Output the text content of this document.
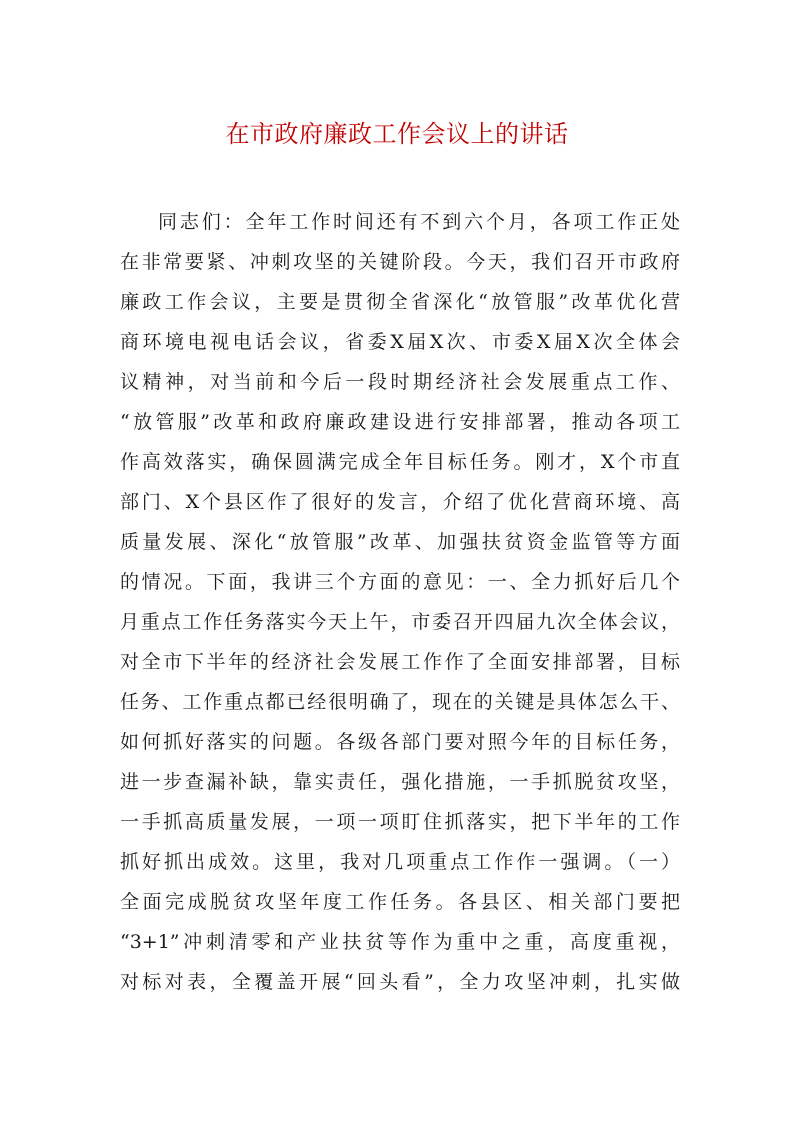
在市政府廉政工作会议上的讲话
同志们：全年工作时间还有不到六个月，各项工作正处
在非常要紧、冲刺攻坚的关键阶段。今天，我们召开市政府
廉政工作会议，主要是贯彻全省深化“放管服”改革优化营
商环境电视电话会议，省委X届X次、市委X届X次全体会
议精神，对当前和今后一段时期经济社会发展重点工作、
“放管服”改革和政府廉政建设进行安排部署，推动各项工
作高效落实，确保圆满完成全年目标任务。刚才，X个市直
部门、X个县区作了很好的发言，介绍了优化营商环境、高
质量发展、深化“放管服”改革、加强扶贫资金监管等方面
的情况。下面，我讲三个方面的意见：一、全力抓好后几个
月重点工作任务落实今天上午，市委召开四届九次全体会议，
对全市下半年的经济社会发展工作作了全面安排部署，目标
任务、工作重点都已经很明确了，现在的关键是具体怎么干、
如何抓好落实的问题。各级各部门要对照今年的目标任务，
进一步查漏补缺，靠实责任，强化措施，一手抓脱贫攻坚，
一手抓高质量发展，一项一项盯住抓落实，把下半年的工作
抓好抓出成效。这里，我对几项重点工作作一强调。（一）
全面完成脱贫攻坚年度工作任务。各县区、相关部门要把
“3+1”冲刺清零和产业扶贫等作为重中之重，高度重视，
对标对表，全覆盖开展“回头看”，全力攻坚冲刺，扎实做
